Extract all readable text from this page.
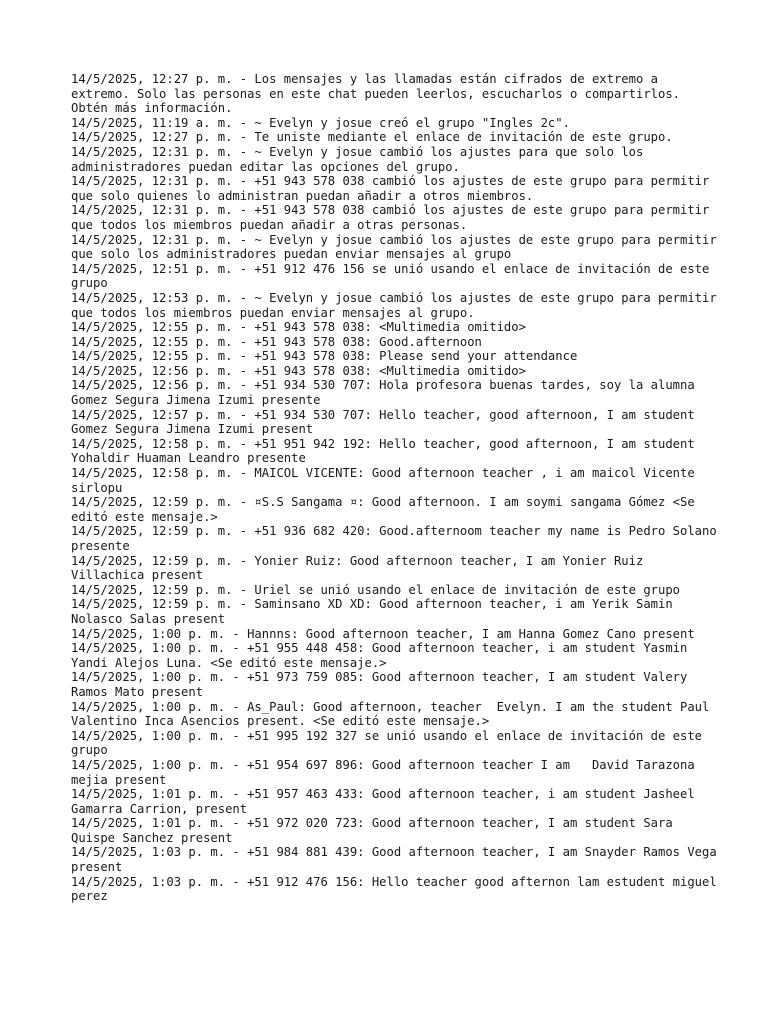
14/5/2025, 12:27 p. m. - Los mensajes y las llamadas están cifrados de extremo a extremo. Solo las personas en este chat pueden leerlos, escucharlos o compartirlos. Obtén más información.
14/5/2025, 11:19 a. m. - ~ Evelyn y josue creó el grupo "Ingles 2c".
14/5/2025, 12:27 p. m. - Te uniste mediante el enlace de invitación de este grupo.
14/5/2025, 12:31 p. m. - ~ Evelyn y josue cambió los ajustes para que solo los administradores puedan editar las opciones del grupo.
14/5/2025, 12:31 p. m. - +51 943 578 038 cambió los ajustes de este grupo para permitir que solo quienes lo administran puedan añadir a otros miembros.
14/5/2025, 12:31 p. m. - +51 943 578 038 cambió los ajustes de este grupo para permitir que todos los miembros puedan añadir a otras personas.
14/5/2025, 12:31 p. m. - ~ Evelyn y josue cambió los ajustes de este grupo para permitir que solo los administradores puedan enviar mensajes al grupo
14/5/2025, 12:51 p. m. - +51 912 476 156 se unió usando el enlace de invitación de este grupo
14/5/2025, 12:53 p. m. - ~ Evelyn y josue cambió los ajustes de este grupo para permitir que todos los miembros puedan enviar mensajes al grupo.
14/5/2025, 12:55 p. m. - +51 943 578 038: <Multimedia omitido>
14/5/2025, 12:55 p. m. - +51 943 578 038: Good.afternoon
14/5/2025, 12:55 p. m. - +51 943 578 038: Please send your attendance
14/5/2025, 12:56 p. m. - +51 943 578 038: <Multimedia omitido>
14/5/2025, 12:56 p. m. - +51 934 530 707: Hola profesora buenas tardes, soy la alumna Gomez Segura Jimena Izumi presente
14/5/2025, 12:57 p. m. - +51 934 530 707: Hello teacher, good afternoon, I am student Gomez Segura Jimena Izumi present
14/5/2025, 12:58 p. m. - +51 951 942 192: Hello teacher, good afternoon, I am student Yohaldir Huaman Leandro presente
14/5/2025, 12:58 p. m. - MAICOL VICENTE: Good afternoon teacher , i am maicol Vicente sirlopu
14/5/2025, 12:59 p. m. - ¤S.S Sangama ¤: Good afternoon. I am soymi sangama Gómez <Se editó este mensaje.>
14/5/2025, 12:59 p. m. - +51 936 682 420: Good.afternoom teacher my name is Pedro Solano presente
14/5/2025, 12:59 p. m. - Yonier Ruiz: Good afternoon teacher, I am Yonier Ruiz Villachica present
14/5/2025, 12:59 p. m. - Uriel se unió usando el enlace de invitación de este grupo
14/5/2025, 12:59 p. m. - Saminsano XD XD: Good afternoon teacher, i am Yerik Samin Nolasco Salas present
14/5/2025, 1:00 p. m. - Hannns: Good afternoon teacher, I am Hanna Gomez Cano present
14/5/2025, 1:00 p. m. - +51 955 448 458: Good afternoon teacher, i am student Yasmin Yandi Alejos Luna. <Se editó este mensaje.>
14/5/2025, 1:00 p. m. - +51 973 759 085: Good afternoon teacher, I am student Valery Ramos Mato present
14/5/2025, 1:00 p. m. - As_Paul: Good afternoon, teacher  Evelyn. I am the student Paul Valentino Inca Asencios present. <Se editó este mensaje.>
14/5/2025, 1:00 p. m. - +51 995 192 327 se unió usando el enlace de invitación de este grupo
14/5/2025, 1:00 p. m. - +51 954 697 896: Good afternoon teacher I am   David Tarazona mejia present
14/5/2025, 1:01 p. m. - +51 957 463 433: Good afternoon teacher, i am student Jasheel Gamarra Carrion, present
14/5/2025, 1:01 p. m. - +51 972 020 723: Good afternoon teacher, I am student Sara Quispe Sanchez present
14/5/2025, 1:03 p. m. - +51 984 881 439: Good afternoon teacher, I am Snayder Ramos Vega present
14/5/2025, 1:03 p. m. - +51 912 476 156: Hello teacher good afternon lam estudent miguel perez
